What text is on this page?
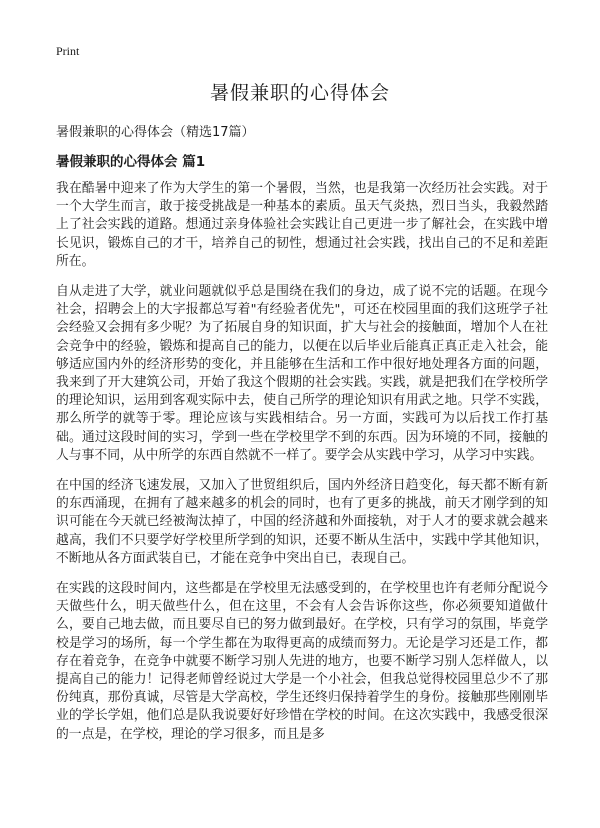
Print
暑假兼职的心得体会

暑假兼职的心得体会（精选17篇）

暑假兼职的心得体会 篇1

我在酷暑中迎来了作为大学生的第一个暑假，当然，也是我第一次经历社会实践。对于一个大学生而言，敢于接受挑战是一种基本的素质。虽天气炎热，烈日当头，我毅然踏上了社会实践的道路。想通过亲身体验社会实践让自己更进一步了解社会，在实践中增长见识，锻炼自己的才干，培养自己的韧性，想通过社会实践，找出自己的不足和差距所在。

自从走进了大学，就业问题就似乎总是围绕在我们的身边，成了说不完的话题。在现今社会，招聘会上的大字报都总写着"有经验者优先"，可还在校园里面的我们这班学子社会经验又会拥有多少呢？为了拓展自身的知识面，扩大与社会的接触面，增加个人在社会竞争中的经验，锻炼和提高自己的能力，以便在以后毕业后能真正真正走入社会，能够适应国内外的经济形势的变化，并且能够在生活和工作中很好地处理各方面的问题，我来到了开大建筑公司，开始了我这个假期的社会实践。实践，就是把我们在学校所学的理论知识，运用到客观实际中去，使自己所学的理论知识有用武之地。只学不实践，那么所学的就等于零。理论应该与实践相结合。另一方面，实践可为以后找工作打基础。通过这段时间的实习，学到一些在学校里学不到的东西。因为环境的不同，接触的人与事不同，从中所学的东西自然就不一样了。要学会从实践中学习，从学习中实践。

在中国的经济飞速发展，又加入了世贸组织后，国内外经济日趋变化，每天都不断有新的东西涌现，在拥有了越来越多的机会的同时，也有了更多的挑战，前天才刚学到的知识可能在今天就已经被淘汰掉了，中国的经济越和外面接轨，对于人才的要求就会越来越高，我们不只要学好学校里所学到的知识，还要不断从生活中，实践中学其他知识，不断地从各方面武装自已，才能在竞争中突出自已，表现自己。

在实践的这段时间内，这些都是在学校里无法感受到的，在学校里也许有老师分配说今天做些什么，明天做些什么，但在这里，不会有人会告诉你这些，你必须要知道做什么，要自己地去做，而且要尽自已的努力做到最好。在学校，只有学习的氛围，毕竟学校是学习的场所，每一个学生都在为取得更高的成绩而努力。无论是学习还是工作，都存在着竞争，在竞争中就要不断学习别人先进的地方，也要不断学习别人怎样做人，以提高自己的能力！记得老师曾经说过大学是一个小社会，但我总觉得校园里总少不了那份纯真，那份真诚，尽管是大学高校，学生还终归保持着学生的身份。接触那些刚刚毕业的学长学姐，他们总是队我说要好好珍惜在学校的时间。在这次实践中，我感受很深的一点是，在学校，理论的学习很多，而且是多
